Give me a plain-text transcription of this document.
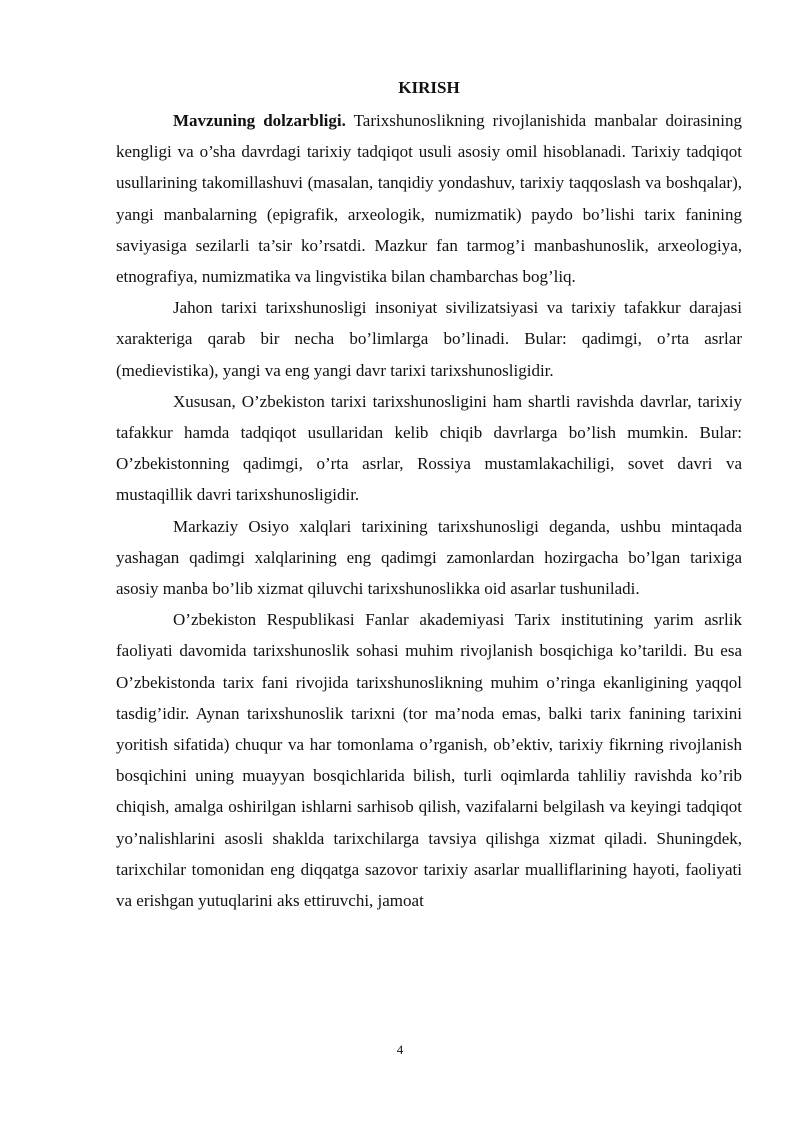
KIRISH

Mavzuning dolzarbligi. Tarixshunoslikning rivojlanishida manbalar doirasining kengligi va o’sha davrdagi tarixiy tadqiqot usuli asosiy omil hisoblanadi. Tarixiy tadqiqot usullarining takomillashuvi (masalan, tanqidiy yondashuv, tarixiy taqqoslash va boshqalar), yangi manbalarning (epigrafik, arxeologik, numizmatik) paydo bo’lishi tarix fanining saviyasiga sezilarli ta’sir ko’rsatdi. Mazkur fan tarmog’i manbashunoslik, arxeologiya, etnografiya, numizmatika va lingvistika bilan chambarchas bog’liq.

Jahon tarixi tarixshunosligi insoniyat sivilizatsiyasi va tarixiy tafakkur darajasi xarakteriga qarab bir necha bo’limlarga bo’linadi. Bular: qadimgi, o’rta asrlar (medievistika), yangi va eng yangi davr tarixi tarixshunosligidir.

Xususan, O’zbekiston tarixi tarixshunosligini ham shartli ravishda davrlar, tarixiy tafakkur hamda tadqiqot usullaridan kelib chiqib davrlarga bo’lish mumkin. Bular: O’zbekistonning qadimgi, o’rta asrlar, Rossiya mustamlakachiligi, sovet davri va mustaqillik davri tarixshunosligidir.

Markaziy Osiyo xalqlari tarixining tarixshunosligi deganda, ushbu mintaqada yashagan qadimgi xalqlarining eng qadimgi zamonlardan hozirgacha bo’lgan tarixiga asosiy manba bo’lib xizmat qiluvchi tarixshunoslikka oid asarlar tushuniladi.

O’zbekiston Respublikasi Fanlar akademiyasi Tarix institutining yarim asrlik faoliyati davomida tarixshunoslik sohasi muhim rivojlanish bosqichiga ko’tarildi. Bu esa O’zbekistonda tarix fani rivojida tarixshunoslikning muhim o’ringa ekanligining yaqqol tasdig’idir. Aynan tarixshunoslik tarixni (tor ma’noda emas, balki tarix fanining tarixini yoritish sifatida) chuqur va har tomonlama o’rganish, ob’ektiv, tarixiy fikrning rivojlanish bosqichini uning muayyan bosqichlarida bilish, turli oqimlarda tahliliy ravishda ko’rib chiqish, amalga oshirilgan ishlarni sarhisob qilish, vazifalarni belgilash va keyingi tadqiqot yo’nalishlarini asosli shaklda tarixchilarga tavsiya qilishga xizmat qiladi. Shuningdek, tarixchilar tomonidan eng diqqatga sazovor tarixiy asarlar mualliflarining hayoti, faoliyati va erishgan yutuqlarini aks ettiruvchi, jamoat

4
